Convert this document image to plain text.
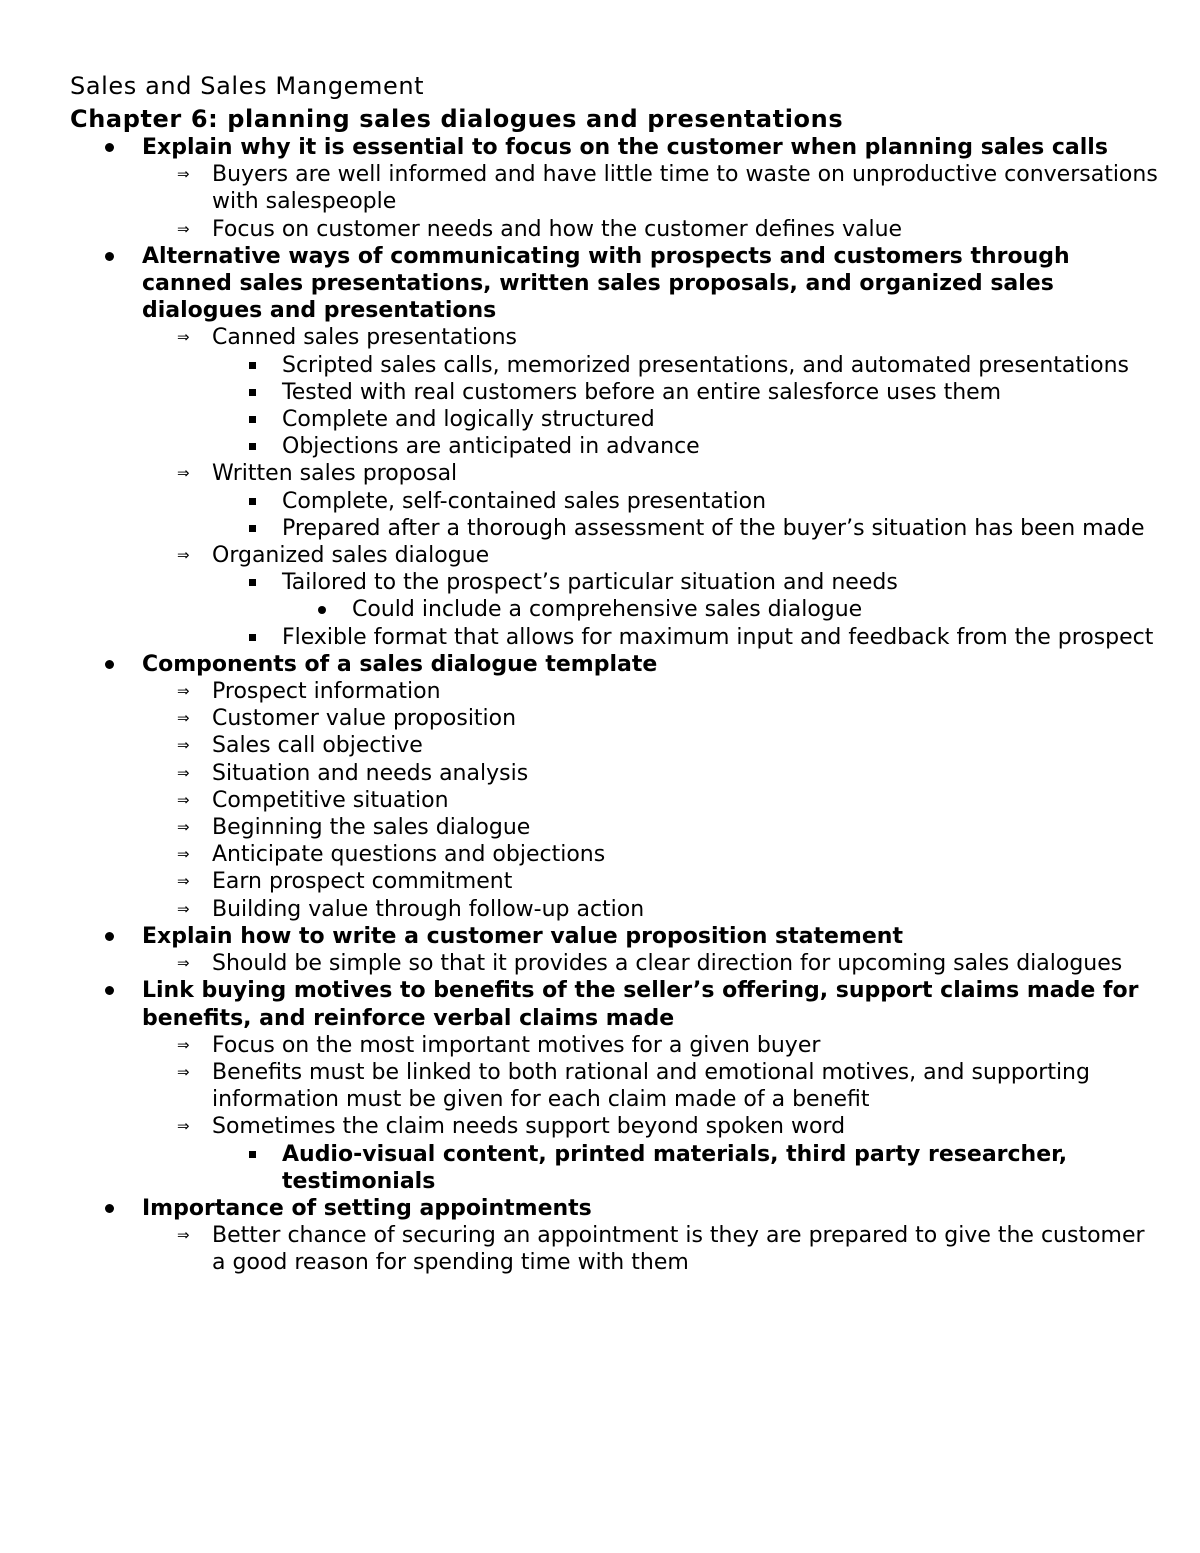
Sales and Sales Mangement
Chapter 6: planning sales dialogues and presentations
Explain why it is essential to focus on the customer when planning sales calls
⇒ Buyers are well informed and have little time to waste on unproductive conversations with salespeople
⇒ Focus on customer needs and how the customer defines value
Alternative ways of communicating with prospects and customers through canned sales presentations, written sales proposals, and organized sales dialogues and presentations
⇒ Canned sales presentations
Scripted sales calls, memorized presentations, and automated presentations
Tested with real customers before an entire salesforce uses them
Complete and logically structured
Objections are anticipated in advance
⇒ Written sales proposal
Complete, self-contained sales presentation
Prepared after a thorough assessment of the buyer’s situation has been made
⇒ Organized sales dialogue
Tailored to the prospect’s particular situation and needs
Could include a comprehensive sales dialogue
Flexible format that allows for maximum input and feedback from the prospect
Components of a sales dialogue template
⇒ Prospect information
⇒ Customer value proposition
⇒ Sales call objective
⇒ Situation and needs analysis
⇒ Competitive situation
⇒ Beginning the sales dialogue
⇒ Anticipate questions and objections
⇒ Earn prospect commitment
⇒ Building value through follow-up action
Explain how to write a customer value proposition statement
⇒ Should be simple so that it provides a clear direction for upcoming sales dialogues
Link buying motives to benefits of the seller’s offering, support claims made for benefits, and reinforce verbal claims made
⇒ Focus on the most important motives for a given buyer
⇒ Benefits must be linked to both rational and emotional motives, and supporting information must be given for each claim made of a benefit
⇒ Sometimes the claim needs support beyond spoken word
Audio-visual content, printed materials, third party researcher, testimonials
Importance of setting appointments
⇒ Better chance of securing an appointment is they are prepared to give the customer a good reason for spending time with them
